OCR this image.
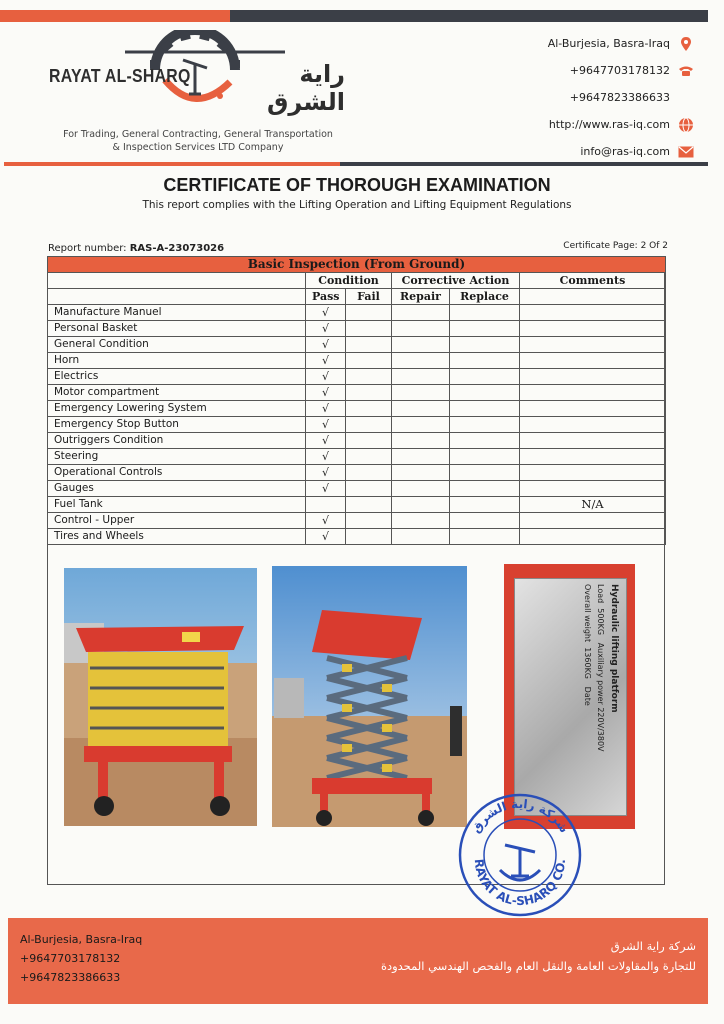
RAYAT AL-SHARQ	راية الشرق
For Trading, General Contracting, General Transportation
& Inspection Services LTD Company
Al-Burjesia, Basra-Iraq
+9647703178132
+9647823386633
http://www.ras-iq.com
info@ras-iq.com
CERTIFICATE OF THOROUGH EXAMINATION
This report complies with the Lifting Operation and Lifting Equipment Regulations
Report number: RAS-A-23073026	Certificate Page: 2 Of 2
Basic Inspection (From Ground)					
	Condition		Corrective Action		Comments
	Pass	Fail	Repair	Replace	
Manufacture Manuel	√				
Personal Basket	√				
General Condition	√				
Horn	√				
Electrics	√				
Motor compartment	√				
Emergency Lowering System	√				
Emergency Stop Button	√				
Outriggers Condition	√				
Steering	√				
Operational Controls	√				
Gauges	√				
Fuel Tank					N/A
Control - Upper	√				
Tires and Wheels	√				
Hydraulic lifting platform
Load  500KG   Auxiliary power 220V/380V
Overall weight  1360KG   Date
شركة راية الشرق
RAYAT AL-SHARQ CO.
Al-Burjesia, Basra-Iraq
+9647703178132
+9647823386633
شركة راية الشرق
للتجارة والمقاولات العامة والنقل العام والفحص الهندسي المحدودة
